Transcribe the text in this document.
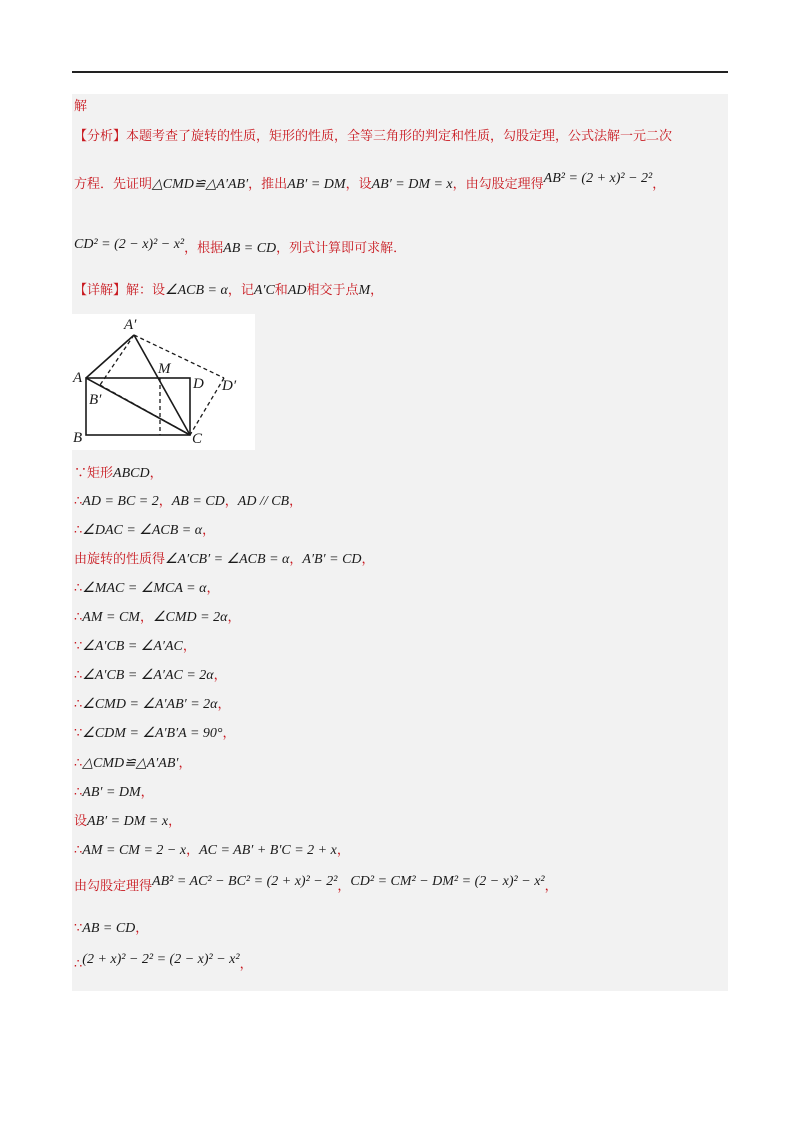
解
【分析】本题考查了旋转的性质，矩形的性质，全等三角形的判定和性质，勾股定理，公式法解一元二次
方程．先证明△CMD≌△A′AB′，推出AB′ = DM，设AB′ = DM = x，由勾股定理得AB² = (2 + x)² − 2²，
CD² = (2 − x)² − x²，根据AB = CD，列式计算即可求解．
【详解】解：设∠ACB = α，记A′C和AD相交于点M，
A′
A
M
D D′
B′
B	C
∵矩形ABCD，
∴AD = BC = 2，AB = CD，AD // CB，
∴∠DAC = ∠ACB = α，
由旋转的性质得∠A′CB′ = ∠ACB = α，A′B′ = CD，
∴∠MAC = ∠MCA = α，
∴AM = CM，∠CMD = 2α，
∵∠A′CB = ∠A′AC，
∴∠A′CB = ∠A′AC = 2α，
∴∠CMD = ∠A′AB′ = 2α，
∵∠CDM = ∠A′B′A = 90°，
∴△CMD≌△A′AB′，
∴AB′ = DM，
设AB′ = DM = x，
∴AM = CM = 2 − x，AC = AB′ + B′C = 2 + x，
由勾股定理得AB² = AC² − BC² = (2 + x)² − 2²，CD² = CM² − DM² = (2 − x)² − x²，
∵AB = CD，
∴(2 + x)² − 2² = (2 − x)² − x²，
